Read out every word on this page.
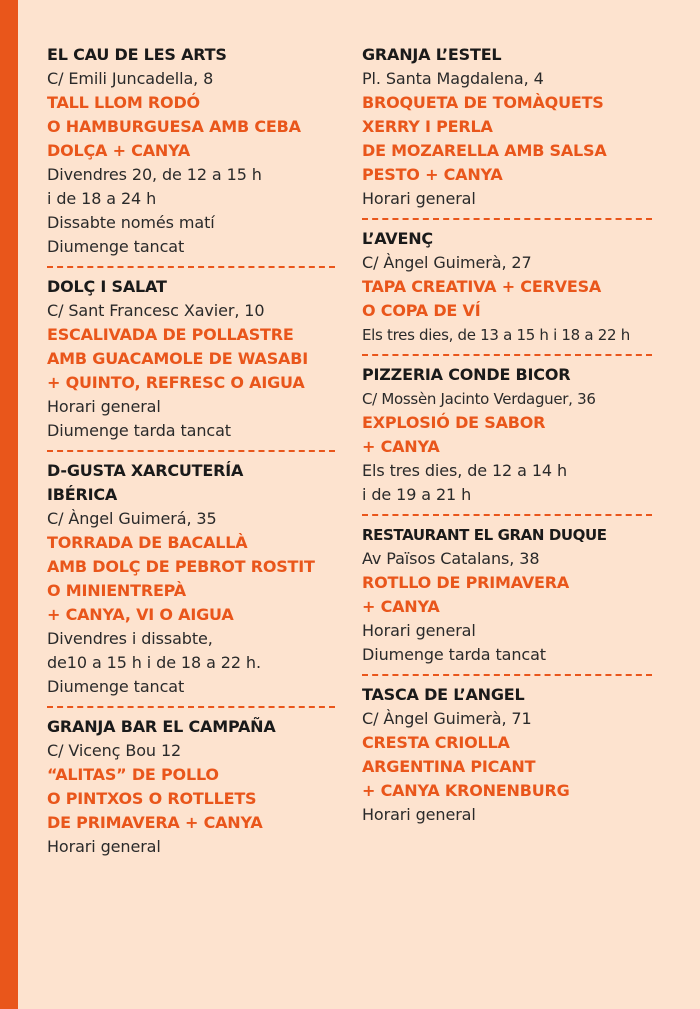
EL CAU DE LES ARTS
C/ Emili Juncadella, 8
TALL LLOM RODÓ
O HAMBURGUESA AMB CEBA
DOLÇA + CANYA
Divendres 20, de 12 a 15 h
i de 18 a 24 h
Dissabte només matí
Diumenge tancat
DOLÇ I SALAT
C/ Sant Francesc Xavier, 10
ESCALIVADA DE POLLASTRE
AMB GUACAMOLE DE WASABI
+ QUINTO, REFRESC O AIGUA
Horari general
Diumenge tarda tancat
D-GUSTA XARCUTERÍA
IBÉRICA
C/ Àngel Guimerá, 35
TORRADA DE BACALLÀ
AMB DOLÇ DE PEBROT ROSTIT
O MINIENTREPÀ
+ CANYA, VI O AIGUA
Divendres i dissabte,
de10 a 15 h i de 18 a 22 h.
Diumenge tancat
GRANJA BAR EL CAMPAÑA
C/ Vicenç Bou 12
“ALITAS” DE POLLO
O PINTXOS O ROTLLETS
DE PRIMAVERA + CANYA
Horari general
GRANJA L’ESTEL
Pl. Santa Magdalena, 4
BROQUETA DE TOMÀQUETS
XERRY I PERLA
DE MOZARELLA AMB SALSA
PESTO + CANYA
Horari general
L’AVENÇ
C/ Àngel Guimerà, 27
TAPA CREATIVA + CERVESA
O COPA DE VÍ
Els tres dies, de 13 a 15 h i 18 a 22 h
PIZZERIA CONDE BICOR
C/ Mossèn Jacinto Verdaguer, 36
EXPLOSIÓ DE SABOR
+ CANYA
Els tres dies, de 12 a 14 h
i de 19 a 21 h
RESTAURANT EL GRAN DUQUE
Av Països Catalans, 38
ROTLLO DE PRIMAVERA
+ CANYA
Horari general
Diumenge tarda tancat
TASCA DE L’ANGEL
C/ Àngel Guimerà, 71
CRESTA CRIOLLA
ARGENTINA PICANT
+ CANYA KRONENBURG
Horari general
